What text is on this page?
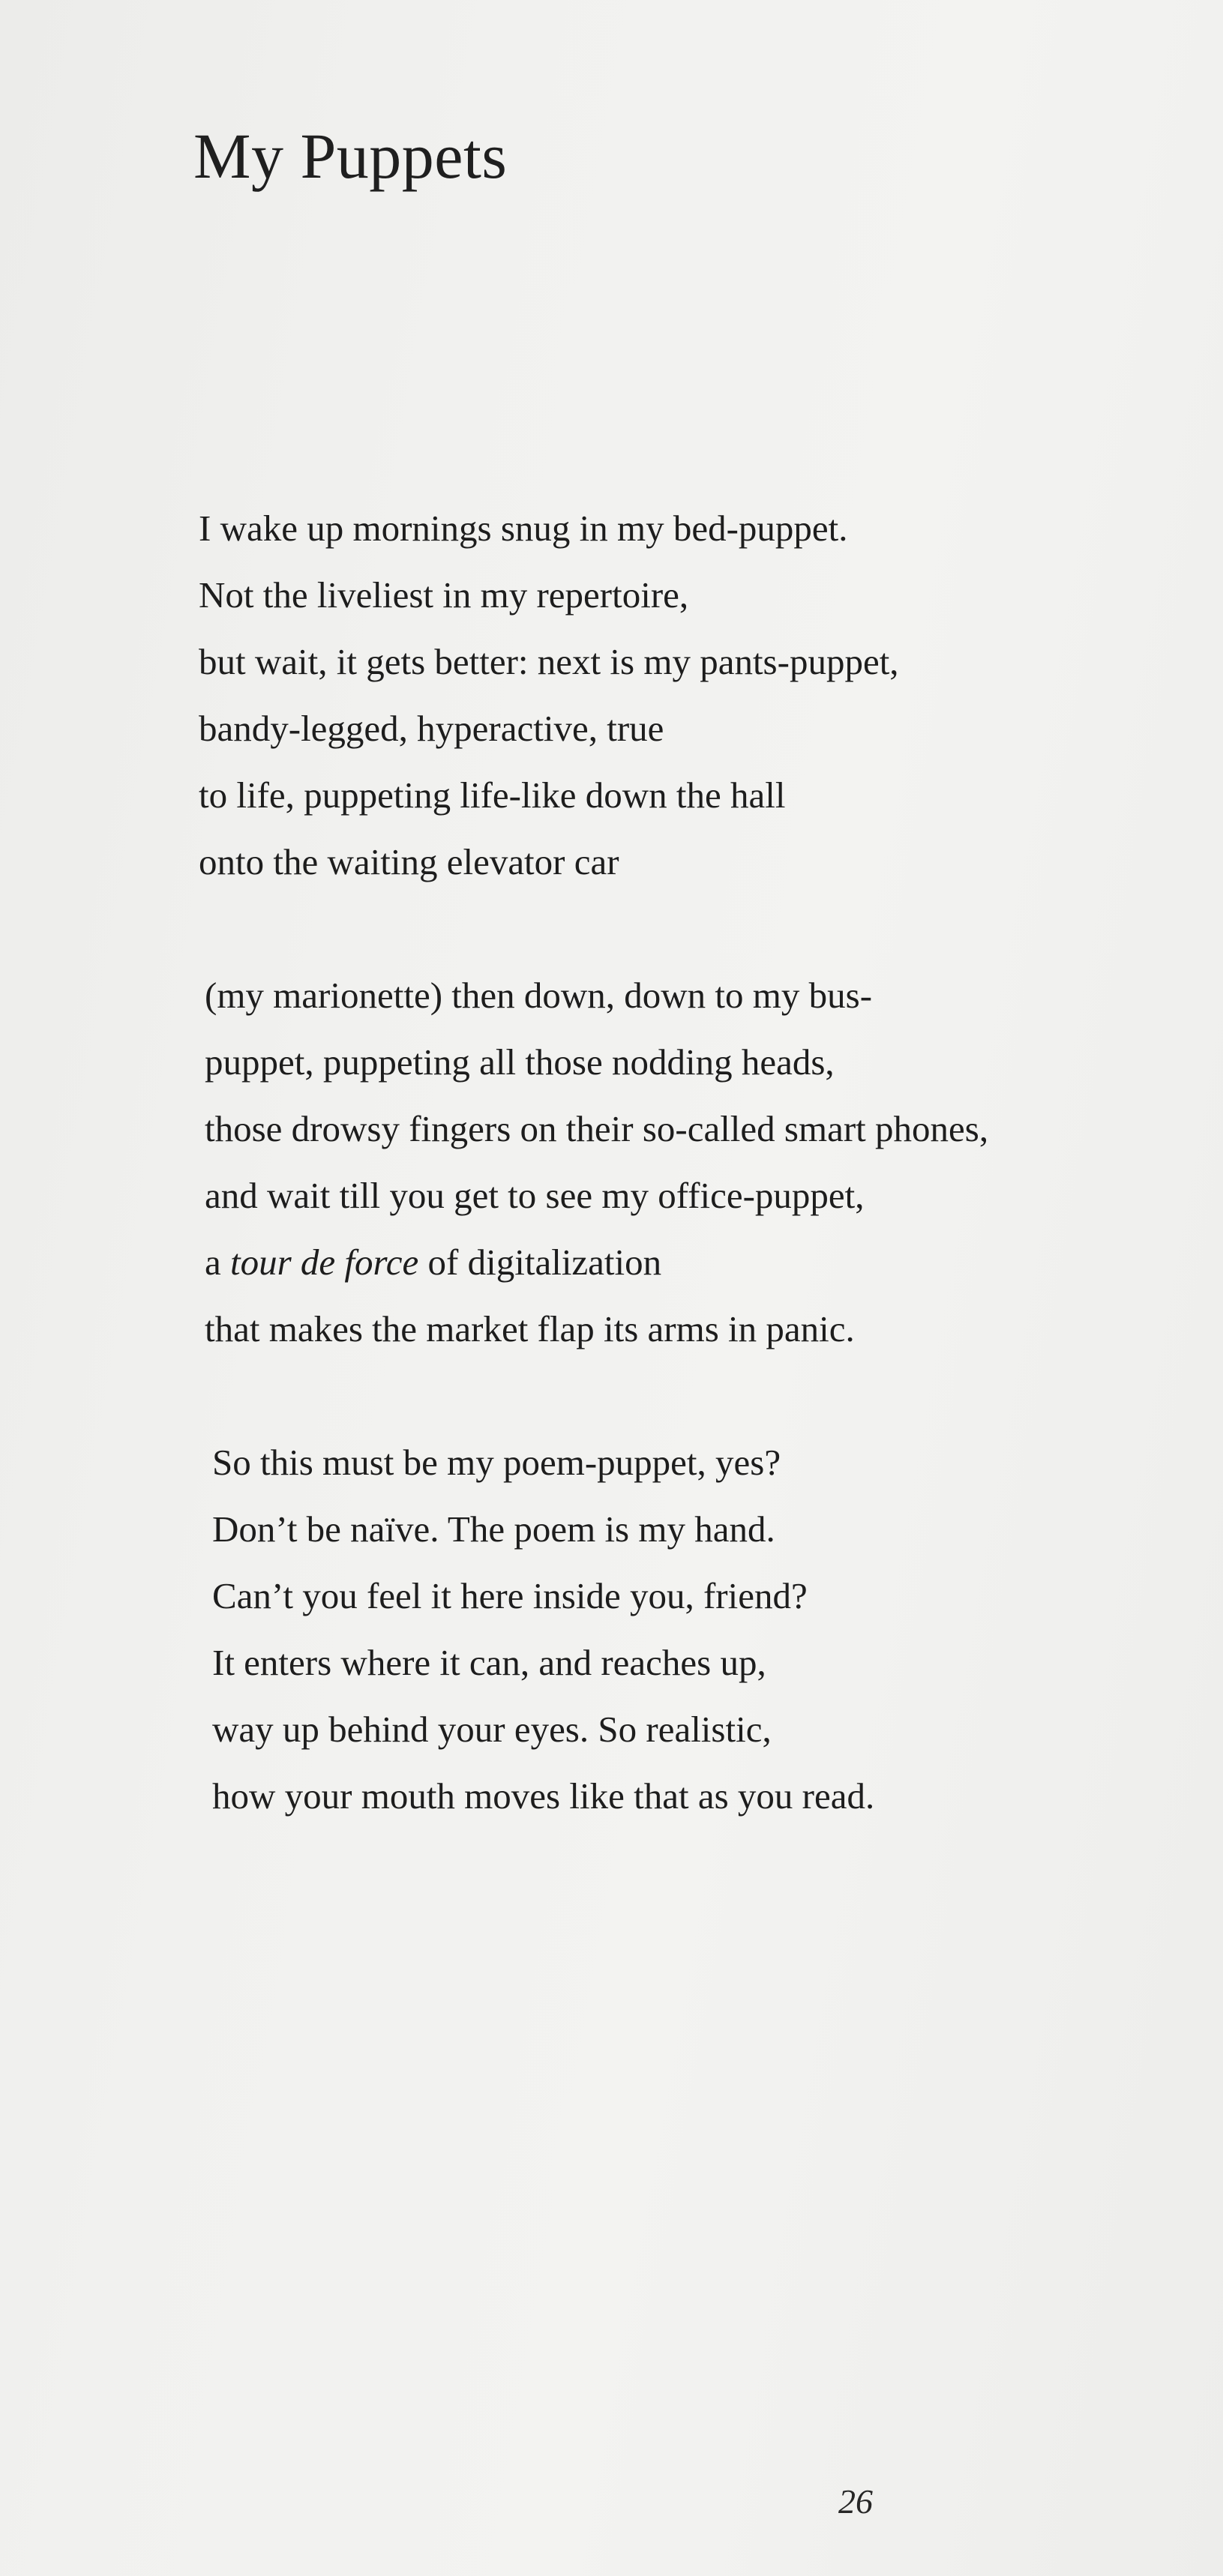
My Puppets
I wake up mornings snug in my bed-puppet.
Not the liveliest in my repertoire,
but wait, it gets better: next is my pants-puppet,
bandy-legged, hyperactive, true
to life, puppeting life-like down the hall
onto the waiting elevator car
(my marionette) then down, down to my bus-
puppet, puppeting all those nodding heads,
those drowsy fingers on their so-called smart phones,
and wait till you get to see my office-puppet,
a tour de force of digitalization
that makes the market flap its arms in panic.
So this must be my poem-puppet, yes?
Don’t be naïve. The poem is my hand.
Can’t you feel it here inside you, friend?
It enters where it can, and reaches up,
way up behind your eyes. So realistic,
how your mouth moves like that as you read.
26
